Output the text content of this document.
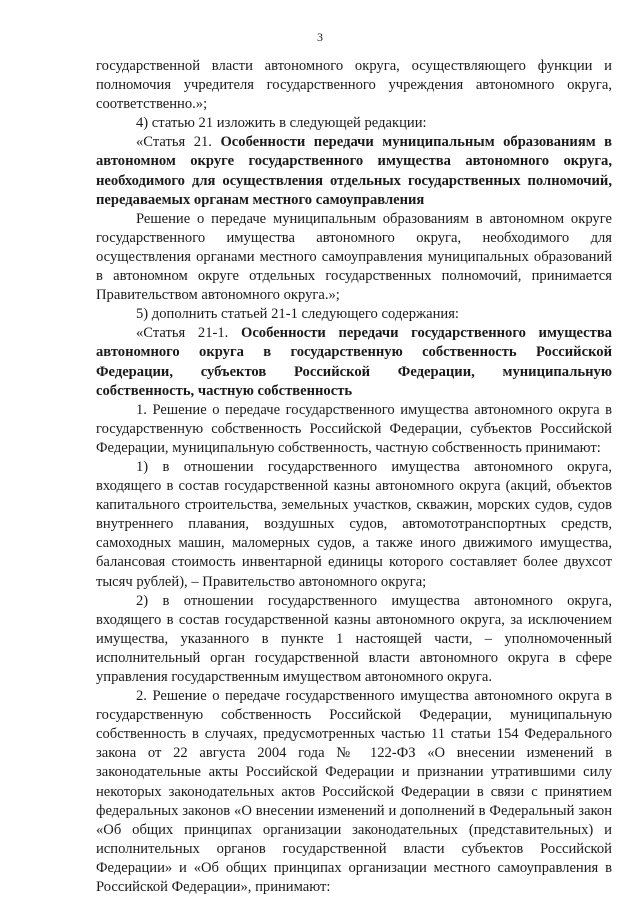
3

государственной власти автономного округа, осуществляющего функции и полномочия учредителя государственного учреждения автономного округа, соответственно.»;

4) статью 21 изложить в следующей редакции:

«Статья 21. Особенности передачи муниципальным образованиям в автономном округе государственного имущества автономного округа, необходимого для осуществления отдельных государственных полномочий, передаваемых органам местного самоуправления

Решение о передаче муниципальным образованиям в автономном округе государственного имущества автономного округа, необходимого для осуществления органами местного самоуправления муниципальных образований в автономном округе отдельных государственных полномочий, принимается Правительством автономного округа.»;

5) дополнить статьей 21-1 следующего содержания:

«Статья 21-1. Особенности передачи государственного имущества автономного округа в государственную собственность Российской Федерации, субъектов Российской Федерации, муниципальную собственность, частную собственность

1. Решение о передаче государственного имущества автономного округа в государственную собственность Российской Федерации, субъектов Российской Федерации, муниципальную собственность, частную собственность принимают:

1) в отношении государственного имущества автономного округа, входящего в состав государственной казны автономного округа (акций, объектов капитального строительства, земельных участков, скважин, морских судов, судов внутреннего плавания, воздушных судов, автомототранспортных средств, самоходных машин, маломерных судов, а также иного движимого имущества, балансовая стоимость инвентарной единицы которого составляет более двухсот тысяч рублей), – Правительство автономного округа;

2) в отношении государственного имущества автономного округа, входящего в состав государственной казны автономного округа, за исключением имущества, указанного в пункте 1 настоящей части, – уполномоченный исполнительный орган государственной власти автономного округа в сфере управления государственным имуществом автономного округа.

2. Решение о передаче государственного имущества автономного округа в государственную собственность Российской Федерации, муниципальную собственность в случаях, предусмотренных частью 11 статьи 154 Федерального закона от 22 августа 2004 года № 122-ФЗ «О внесении изменений в законодательные акты Российской Федерации и признании утратившими силу некоторых законодательных актов Российской Федерации в связи с принятием федеральных законов «О внесении изменений и дополнений в Федеральный закон «Об общих принципах организации законодательных (представительных) и исполнительных органов государственной власти субъектов Российской Федерации» и «Об общих принципах организации местного самоуправления в Российской Федерации», принимают:
